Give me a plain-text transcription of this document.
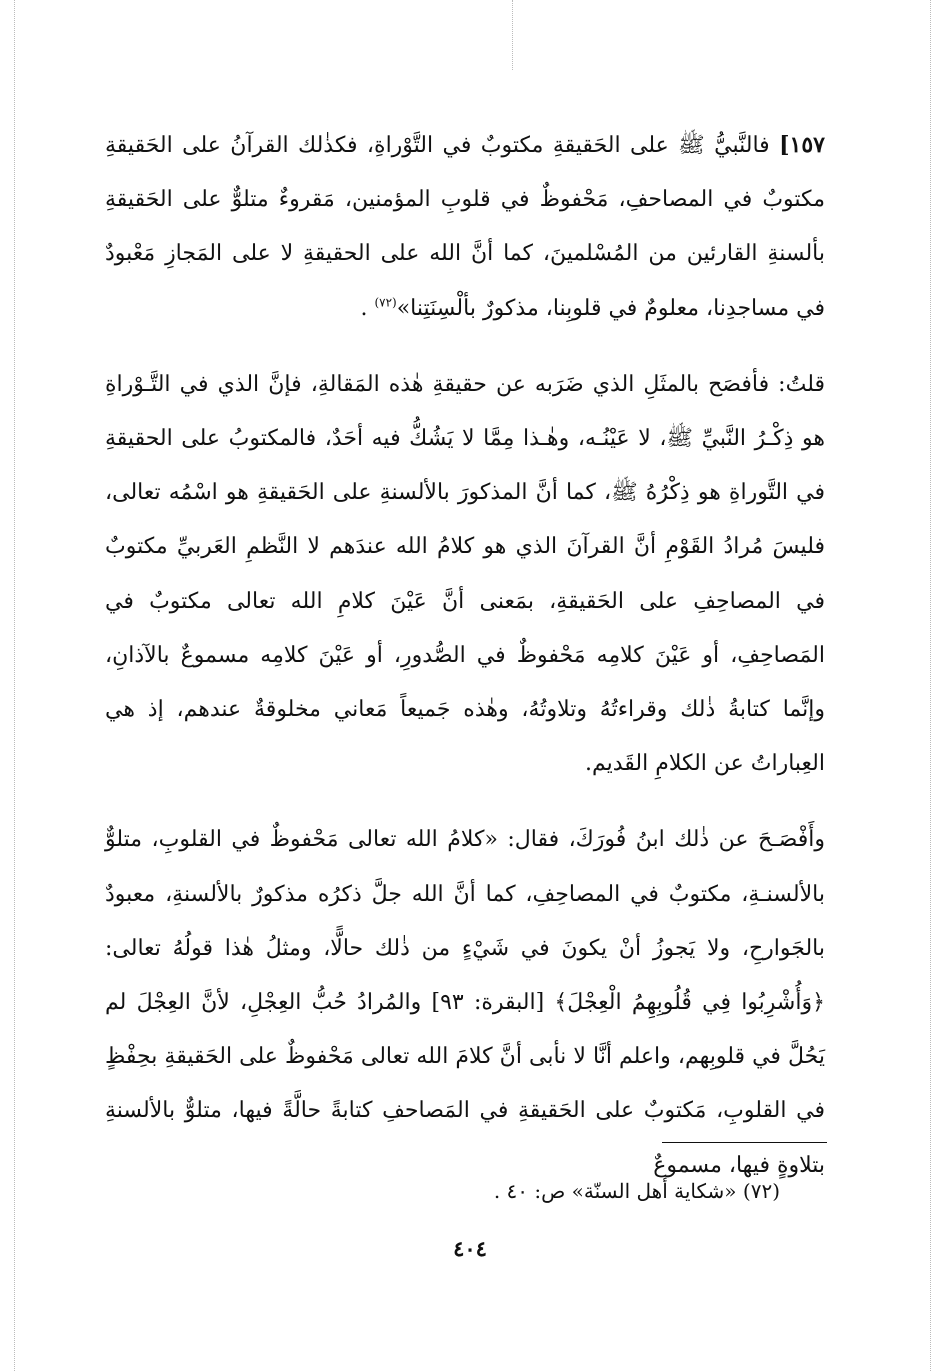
١٥٧] فالنَّبيُّ ﷺ على الحَقيقةِ مكتوبٌ في التَّوْراةِ، فكذٰلك القرآنُ على الحَقيقةِ مكتوبٌ في المصاحفِ، مَحْفوظٌ في قلوبِ المؤمنين، مَقروءٌ متلوٌّ على الحَقيقةِ بألسنةِ القارئين من المُسْلمينَ، كما أنَّ الله على الحقيقةِ لا على المَجازِ مَعْبودٌ في مساجدِنا، معلومٌ في قلوبِنا، مذكورٌ بألْسِنَتِنا»$^{(٧٢)}$ .

قلتُ: فأفصَح بالمثَلِ الذي ضَرَبه عن حقيقةِ هٰذه المَقالةِ، فإنَّ الذي في التَّـوْراةِ هو ذِكْـرُ النَّبيِّ ﷺ، لا عَيْنُـه، وهٰـذا مِمَّا لا يَشُكُّ فيه أحَدٌ، فالمكتوبُ على الحقيقةِ في التَّوراةِ هو ذِكْرُهُ ﷺ، كما أنَّ المذكورَ بالألسنةِ على الحَقيقةِ هو اسْمُه تعالى، فليسَ مُرادُ القَوْمِ أنَّ القرآنَ الذي هو كلامُ الله عندَهم لا النَّظمِ العَربيِّ مكتوبٌ في المصاحِفِ على الحَقيقةِ، بمَعنى أنَّ عَيْنَ كلامِ الله تعالى مكتوبٌ في المَصاحِفِ، أو عَيْنَ كلامِه مَحْفوظٌ في الصُّدورِ، أو عَيْنَ كلامِه مسموعٌ بالآذانِ، وإنَّما كتابةُ ذٰلك وقراءتُهُ وتلاوتُهُ، وهٰذه جَميعاً مَعاني مخلوقةٌ عندهم، إذ هي العِباراتُ عن الكلامِ القَديم.

وأَفْصَـحَ عن ذٰلك ابنُ فُورَكَ، فقال: «كلامُ الله تعالى مَحْفوظٌ في القلوبِ، متلوٌّ بالألسنـةِ، مكتوبٌ في المصاحِفِ، كما أنَّ الله جلَّ ذكرُه مذكورٌ بالألسنةِ، معبودٌ بالجَوارحِ، ولا يَجوزُ أنْ يكونَ في شَيْءٍ من ذٰلك حالًّا، ومثلُ هٰذا قولُهُ تعالى: ﴿وَأُشْرِبُوا فِي قُلُوبِهِمُ الْعِجْلَ﴾ [البقرة: ٩٣] والمُرادُ حُبُّ العِجْلِ، لأنَّ العِجْلَ لم يَحُلَّ في قلوبِهم، واعلم أنَّا لا نأبى أنَّ كلامَ الله تعالى مَحْفوظٌ على الحَقيقةِ بحِفْظٍ في القلوبِ، مَكتوبٌ على الحَقيقةِ في المَصاحفِ كتابةً حالَّةً فيها، متلوٌّ بالألسنةِ بتلاوةٍ فيها، مسموعٌ

(٧٢) «شكاية أهل السنّة» ص: ٤٠ .

٤٠٤
